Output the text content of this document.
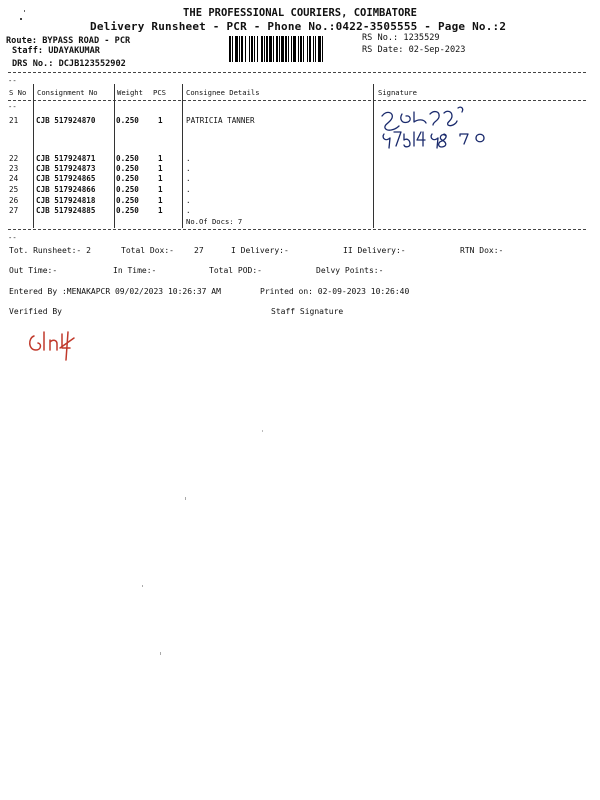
THE PROFESSIONAL COURIERS, COIMBATORE
Delivery Runsheet - PCR - Phone No.:0422-3505555 - Page No.:2
Route: BYPASS ROAD - PCR
Staff: UDAYAKUMAR
DRS No.: DCJB123552902
RS No.: 1235529
RS Date: 02-Sep-2023
--
S No Consignment No	Weight PCS	Consignee Details	Signature
--
21 CJB 517924870	0.250	1	PATRICIA TANNER
22 CJB 517924871	0.250	1	.
23 CJB 517924873	0.250	1	.
24 CJB 517924865	0.250	1	.
25 CJB 517924866	0.250	1	.
26 CJB 517924818	0.250	1	.
27 CJB 517924885	0.250	1	.
No.Of Docs: 7
--
Tot. Runsheet:- 2	Total Dox:-	27	I Delivery:-	II Delivery:-	RTN Dox:-
Out Time:-	In Time:-	Total POD:-	Delvy Points:-
Entered By :MENAKAPCR 09/02/2023 10:26:37 AM	Printed on: 02-09-2023 10:26:40
Verified By	Staff Signature
